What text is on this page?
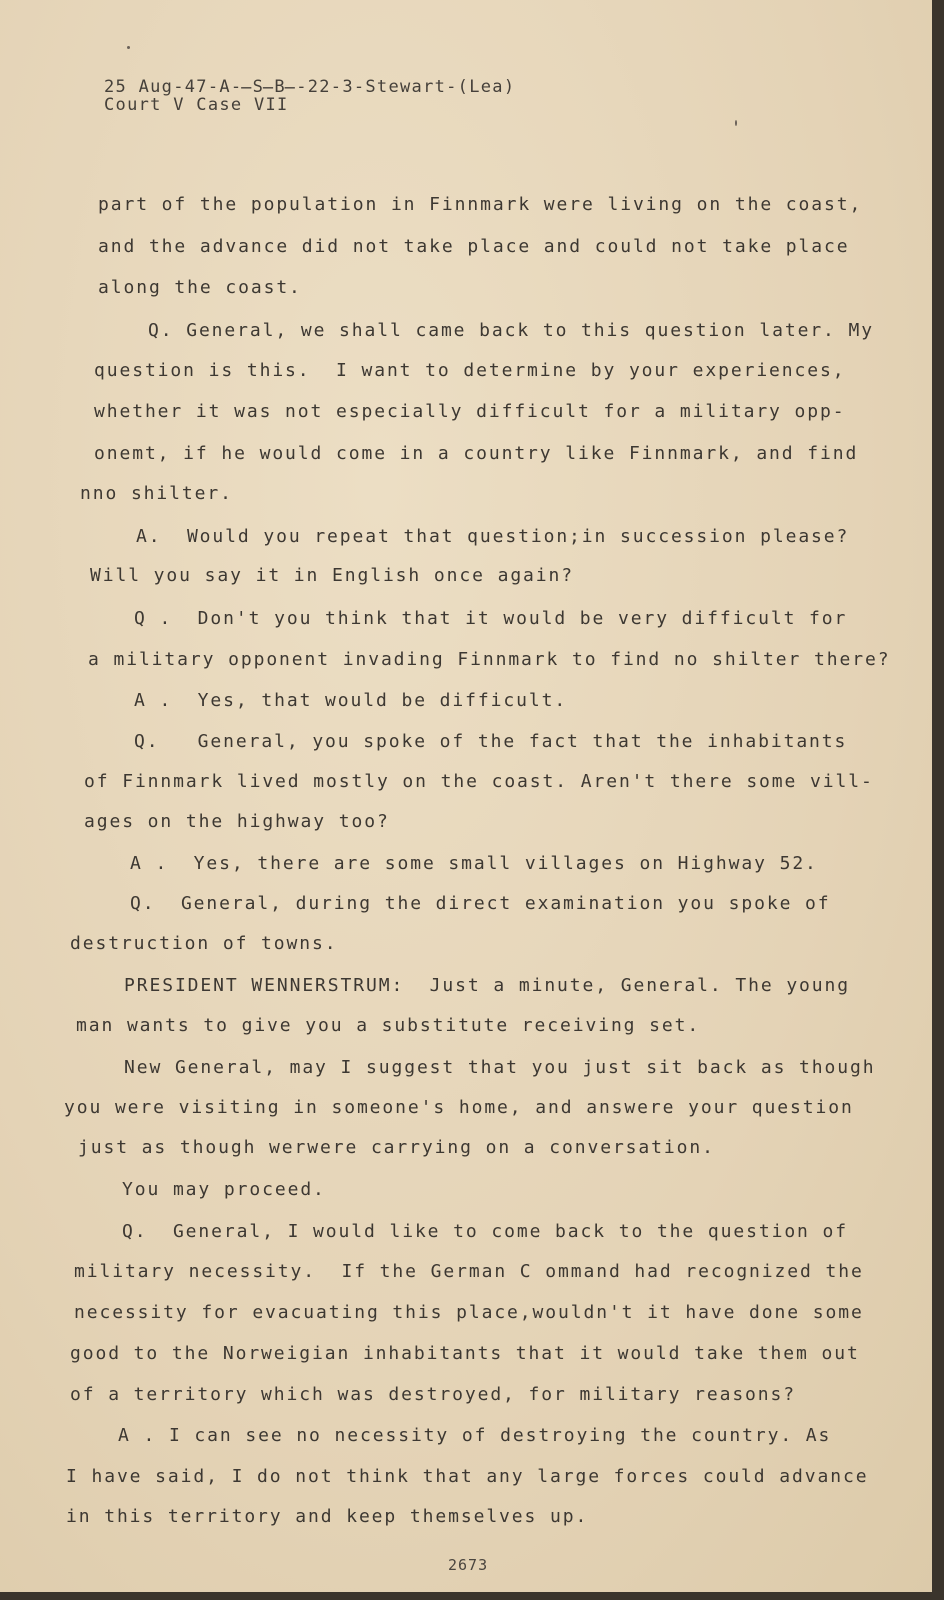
25 Aug-47-A-̶S̶B̶-22-3-Stewart-(Lea)
Court V Case VII
part of the population in Finnmark were living on the coast,
and the advance did not take place and could not take place
along the coast.
Q. General, we shall came back to this question later. My
question is this.  I want to determine by your experiences,
whether it was not especially difficult for a military opp-
onemt, if he would come in a country like Finnmark, and find
nno shilter.
A.  Would you repeat that question;in succession please?
Will you say it in English once again?
Q .  Don't you think that it would be very difficult for
a military opponent invading Finnmark to find no shilter there?
A .  Yes, that would be difficult.
Q.   General, you spoke of the fact that the inhabitants
of Finnmark lived mostly on the coast. Aren't there some vill-
ages on the highway too?
A .  Yes, there are some small villages on Highway 52.
Q.  General, during the direct examination you spoke of
destruction of towns.
PRESIDENT WENNERSTRUM:  Just a minute, General. The young
man wants to give you a substitute receiving set.
New General, may I suggest that you just sit back as though
you were visiting in someone's home, and answere your question
just as though werwere carrying on a conversation.
You may proceed.
Q.  General, I would like to come back to the question of
military necessity.  If the German C ommand had recognized the
necessity for evacuating this place,wouldn't it have done some
good to the Norweigian inhabitants that it would take them out
of a territory which was destroyed, for military reasons?
A . I can see no necessity of destroying the country. As
I have said, I do not think that any large forces could advance
in this territory and keep themselves up.
2673
